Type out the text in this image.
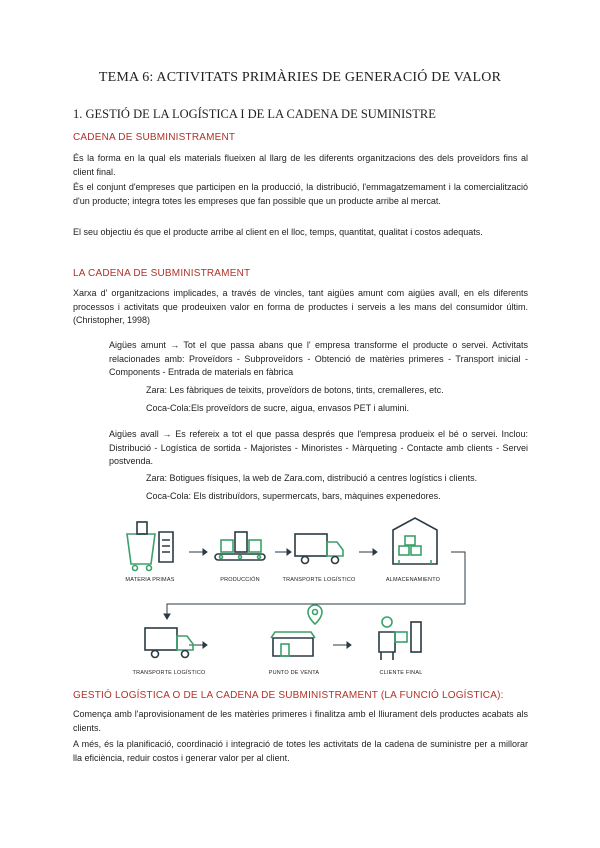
TEMA 6: ACTIVITATS PRIMÀRIES DE GENERACIÓ DE VALOR
1. GESTIÓ DE LA LOGÍSTICA I DE LA CADENA DE SUMINISTRE
CADENA DE SUBMINISTRAMENT
És la forma en la qual els materials flueixen al llarg de les diferents organitzacions des dels proveïdors fins al client final.
És el conjunt d'empreses que participen en la producció, la distribució, l'emmagatzemament i la comercialització d'un producte; integra totes les empreses que fan possible que un producte arribe al mercat.
El seu objectiu és que el producte arribe al client en el lloc, temps, quantitat, qualitat i costos adequats.
LA CADENA DE SUBMINISTRAMENT
Xarxa d' organitzacions implicades, a través de vincles, tant aigües amunt com aigües avall, en els diferents processos i activitats que prodeuixen valor en forma de productes i serveis a les mans del consumidor últim. (Christopher, 1998)
Aigües amunt → Tot el que passa abans que l' empresa transforme el producte o servei. Activitats relacionades amb: Proveïdors - Subproveïdors - Obtenció de matèries primeres - Transport inicial - Components - Entrada de materials en fàbrica
Zara: Les fàbriques de teixits, proveïdors de botons, tints, cremalleres, etc.
Coca-Cola:Els proveïdors de sucre, aigua, envasos PET i alumini.
Aigües avall → Es refereix a tot el que passa després que l'empresa produeix el bé o servei. Inclou: Distribució - Logística de sortida - Majoristes - Minoristes - Màrqueting - Contacte amb clients - Servei postvenda.
Zara: Botigues físiques, la web de Zara.com, distribució a centres logístics i clients.
Coca-Cola: Els distribuïdors, supermercats, bars, màquines expenedores.
MATERIA PRIMAS	PRODUCCIÓN	TRANSPORTE LOGÍSTICO	ALMACENAMIENTO
TRANSPORTE LOGÍSTICO	PUNTO DE VENTA	CLIENTE FINAL
GESTIÓ LOGÍSTICA O DE LA CADENA DE SUBMINISTRAMENT (LA FUNCIÓ LOGÍSTICA):
Comença amb l'aprovisionament de les matèries primeres i finalitza amb el lliurament dels productes acabats als clients.
A més, és la planificació, coordinació i integració de totes les activitats de la cadena de suministre per a millorar lla eficiència, reduir costos i generar valor per al client.
